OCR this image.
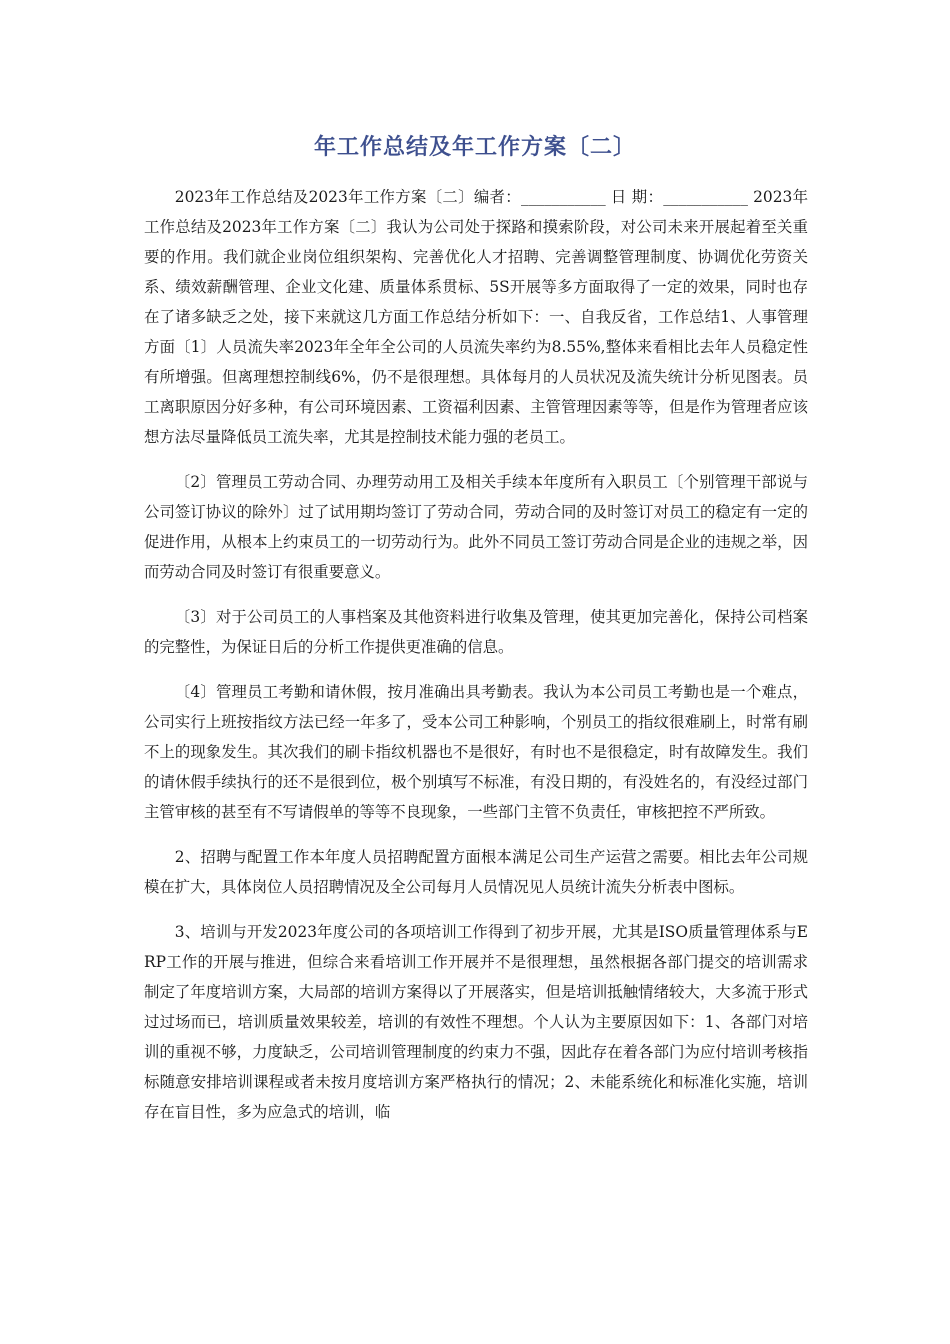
年工作总结及年工作方案〔二〕

2023年工作总结及2023年工作方案〔二〕编者：___________ 日 期：___________ 2023年工作总结及2023年工作方案〔二〕我认为公司处于探路和摸索阶段，对公司未来开展起着至关重要的作用。我们就企业岗位组织架构、完善优化人才招聘、完善调整管理制度、协调优化劳资关系、绩效薪酬管理、企业文化建、质量体系贯标、5S开展等多方面取得了一定的效果，同时也存在了诸多缺乏之处，接下来就这几方面工作总结分析如下：一、自我反省，工作总结1、人事管理方面〔1〕人员流失率2023年全年全公司的人员流失率约为8.55%,整体来看相比去年人员稳定性有所增强。但离理想控制线6%，仍不是很理想。具体每月的人员状况及流失统计分析见图表。员工离职原因分好多种，有公司环境因素、工资福利因素、主管管理因素等等，但是作为管理者应该想方法尽量降低员工流失率，尤其是控制技术能力强的老员工。

〔2〕管理员工劳动合同、办理劳动用工及相关手续本年度所有入职员工〔个别管理干部说与公司签订协议的除外〕过了试用期均签订了劳动合同，劳动合同的及时签订对员工的稳定有一定的促进作用，从根本上约束员工的一切劳动行为。此外不同员工签订劳动合同是企业的违规之举，因而劳动合同及时签订有很重要意义。

〔3〕对于公司员工的人事档案及其他资料进行收集及管理，使其更加完善化，保持公司档案的完整性，为保证日后的分析工作提供更准确的信息。

〔4〕管理员工考勤和请休假，按月准确出具考勤表。我认为本公司员工考勤也是一个难点，公司实行上班按指纹方法已经一年多了，受本公司工种影响，个别员工的指纹很难刷上，时常有刷不上的现象发生。其次我们的刷卡指纹机器也不是很好，有时也不是很稳定，时有故障发生。我们的请休假手续执行的还不是很到位，极个别填写不标准，有没日期的，有没姓名的，有没经过部门主管审核的甚至有不写请假单的等等不良现象，一些部门主管不负责任，审核把控不严所致。

2、招聘与配置工作本年度人员招聘配置方面根本满足公司生产运营之需要。相比去年公司规模在扩大，具体岗位人员招聘情况及全公司每月人员情况见人员统计流失分析表中图标。

3、培训与开发2023年度公司的各项培训工作得到了初步开展，尤其是ISO质量管理体系与ERP工作的开展与推进，但综合来看培训工作开展并不是很理想，虽然根据各部门提交的培训需求制定了年度培训方案，大局部的培训方案得以了开展落实，但是培训抵触情绪较大，大多流于形式过过场而已，培训质量效果较差，培训的有效性不理想。个人认为主要原因如下：1、各部门对培训的重视不够，力度缺乏，公司培训管理制度的约束力不强，因此存在着各部门为应付培训考核指标随意安排培训课程或者未按月度培训方案严格执行的情况；2、未能系统化和标准化实施，培训存在盲目性，多为应急式的培训，临
